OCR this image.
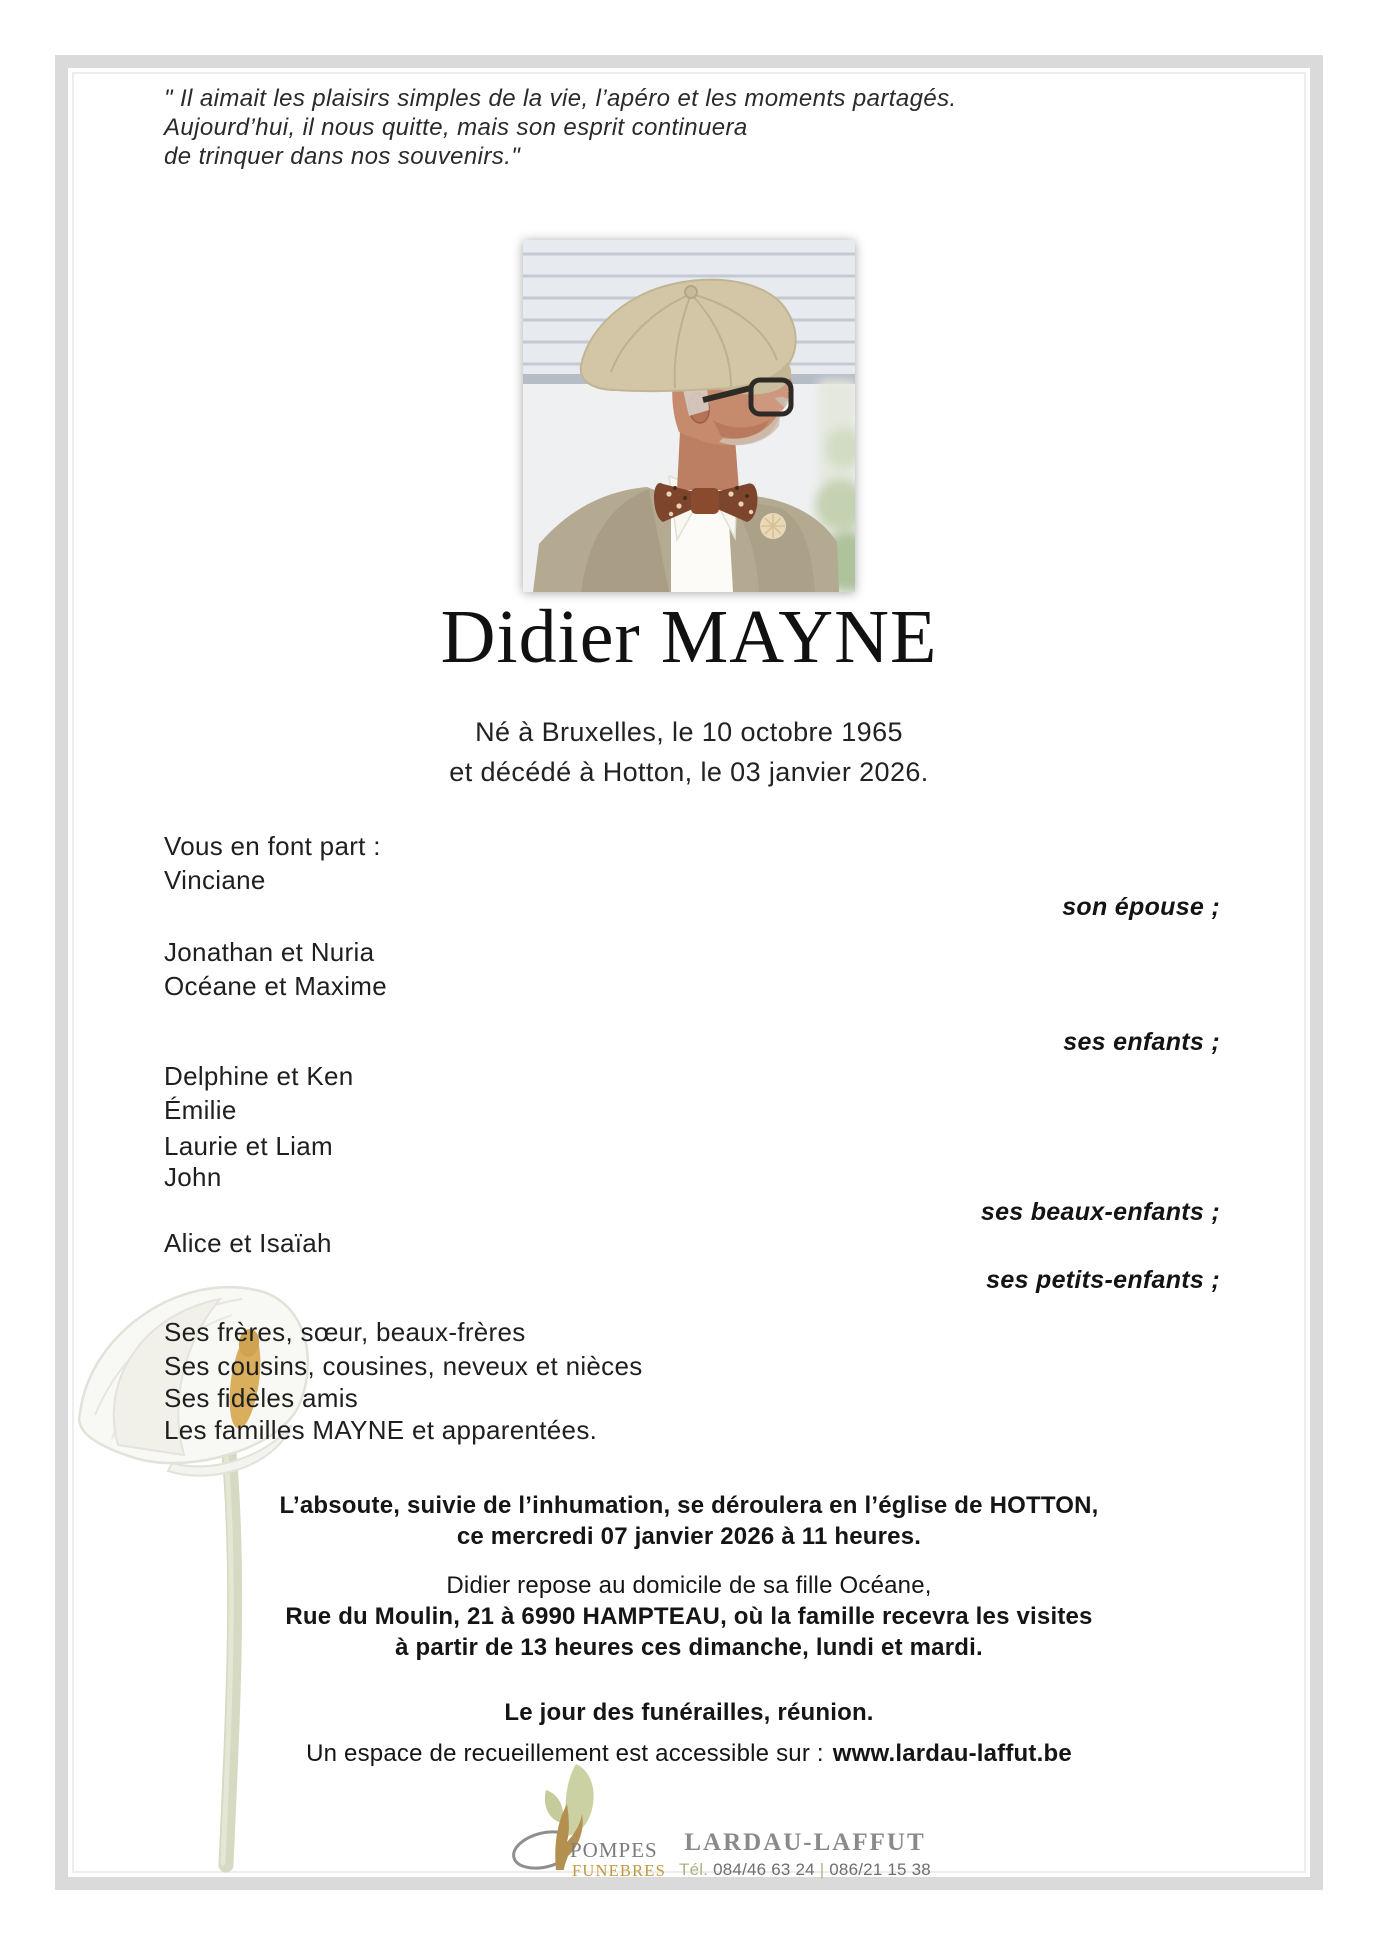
" Il aimait les plaisirs simples de la vie, l’apéro et les moments partagés.
Aujourd’hui, il nous quitte, mais son esprit continuera
de trinquer dans nos souvenirs."
Didier MAYNE
Né à Bruxelles, le 10 octobre 1965
et décédé à Hotton, le 03 janvier 2026.
Vous en font part :
Vinciane
son épouse ;
Jonathan et Nuria
Océane et Maxime
ses enfants ;
Delphine et Ken
Émilie
Laurie et Liam
John
ses beaux-enfants ;
Alice et Isaïah
ses petits-enfants ;
Ses frères, sœur, beaux-frères
Ses cousins, cousines, neveux et nièces
Ses fidèles amis
Les familles MAYNE et apparentées.
L’absoute, suivie de l’inhumation, se déroulera en l’église de HOTTON,
ce mercredi 07 janvier 2026 à 11 heures.
Didier repose au domicile de sa fille Océane,
Rue du Moulin, 21 à 6990 HAMPTEAU, où la famille recevra les visites
à partir de 13 heures ces dimanche, lundi et mardi.
Le jour des funérailles, réunion.
Un espace de recueillement est accessible sur : www.lardau-laffut.be
POMPES
FUNEBRES
LARDAU-LAFFUT
Tél. 084/46 63 24 | 086/21 15 38
